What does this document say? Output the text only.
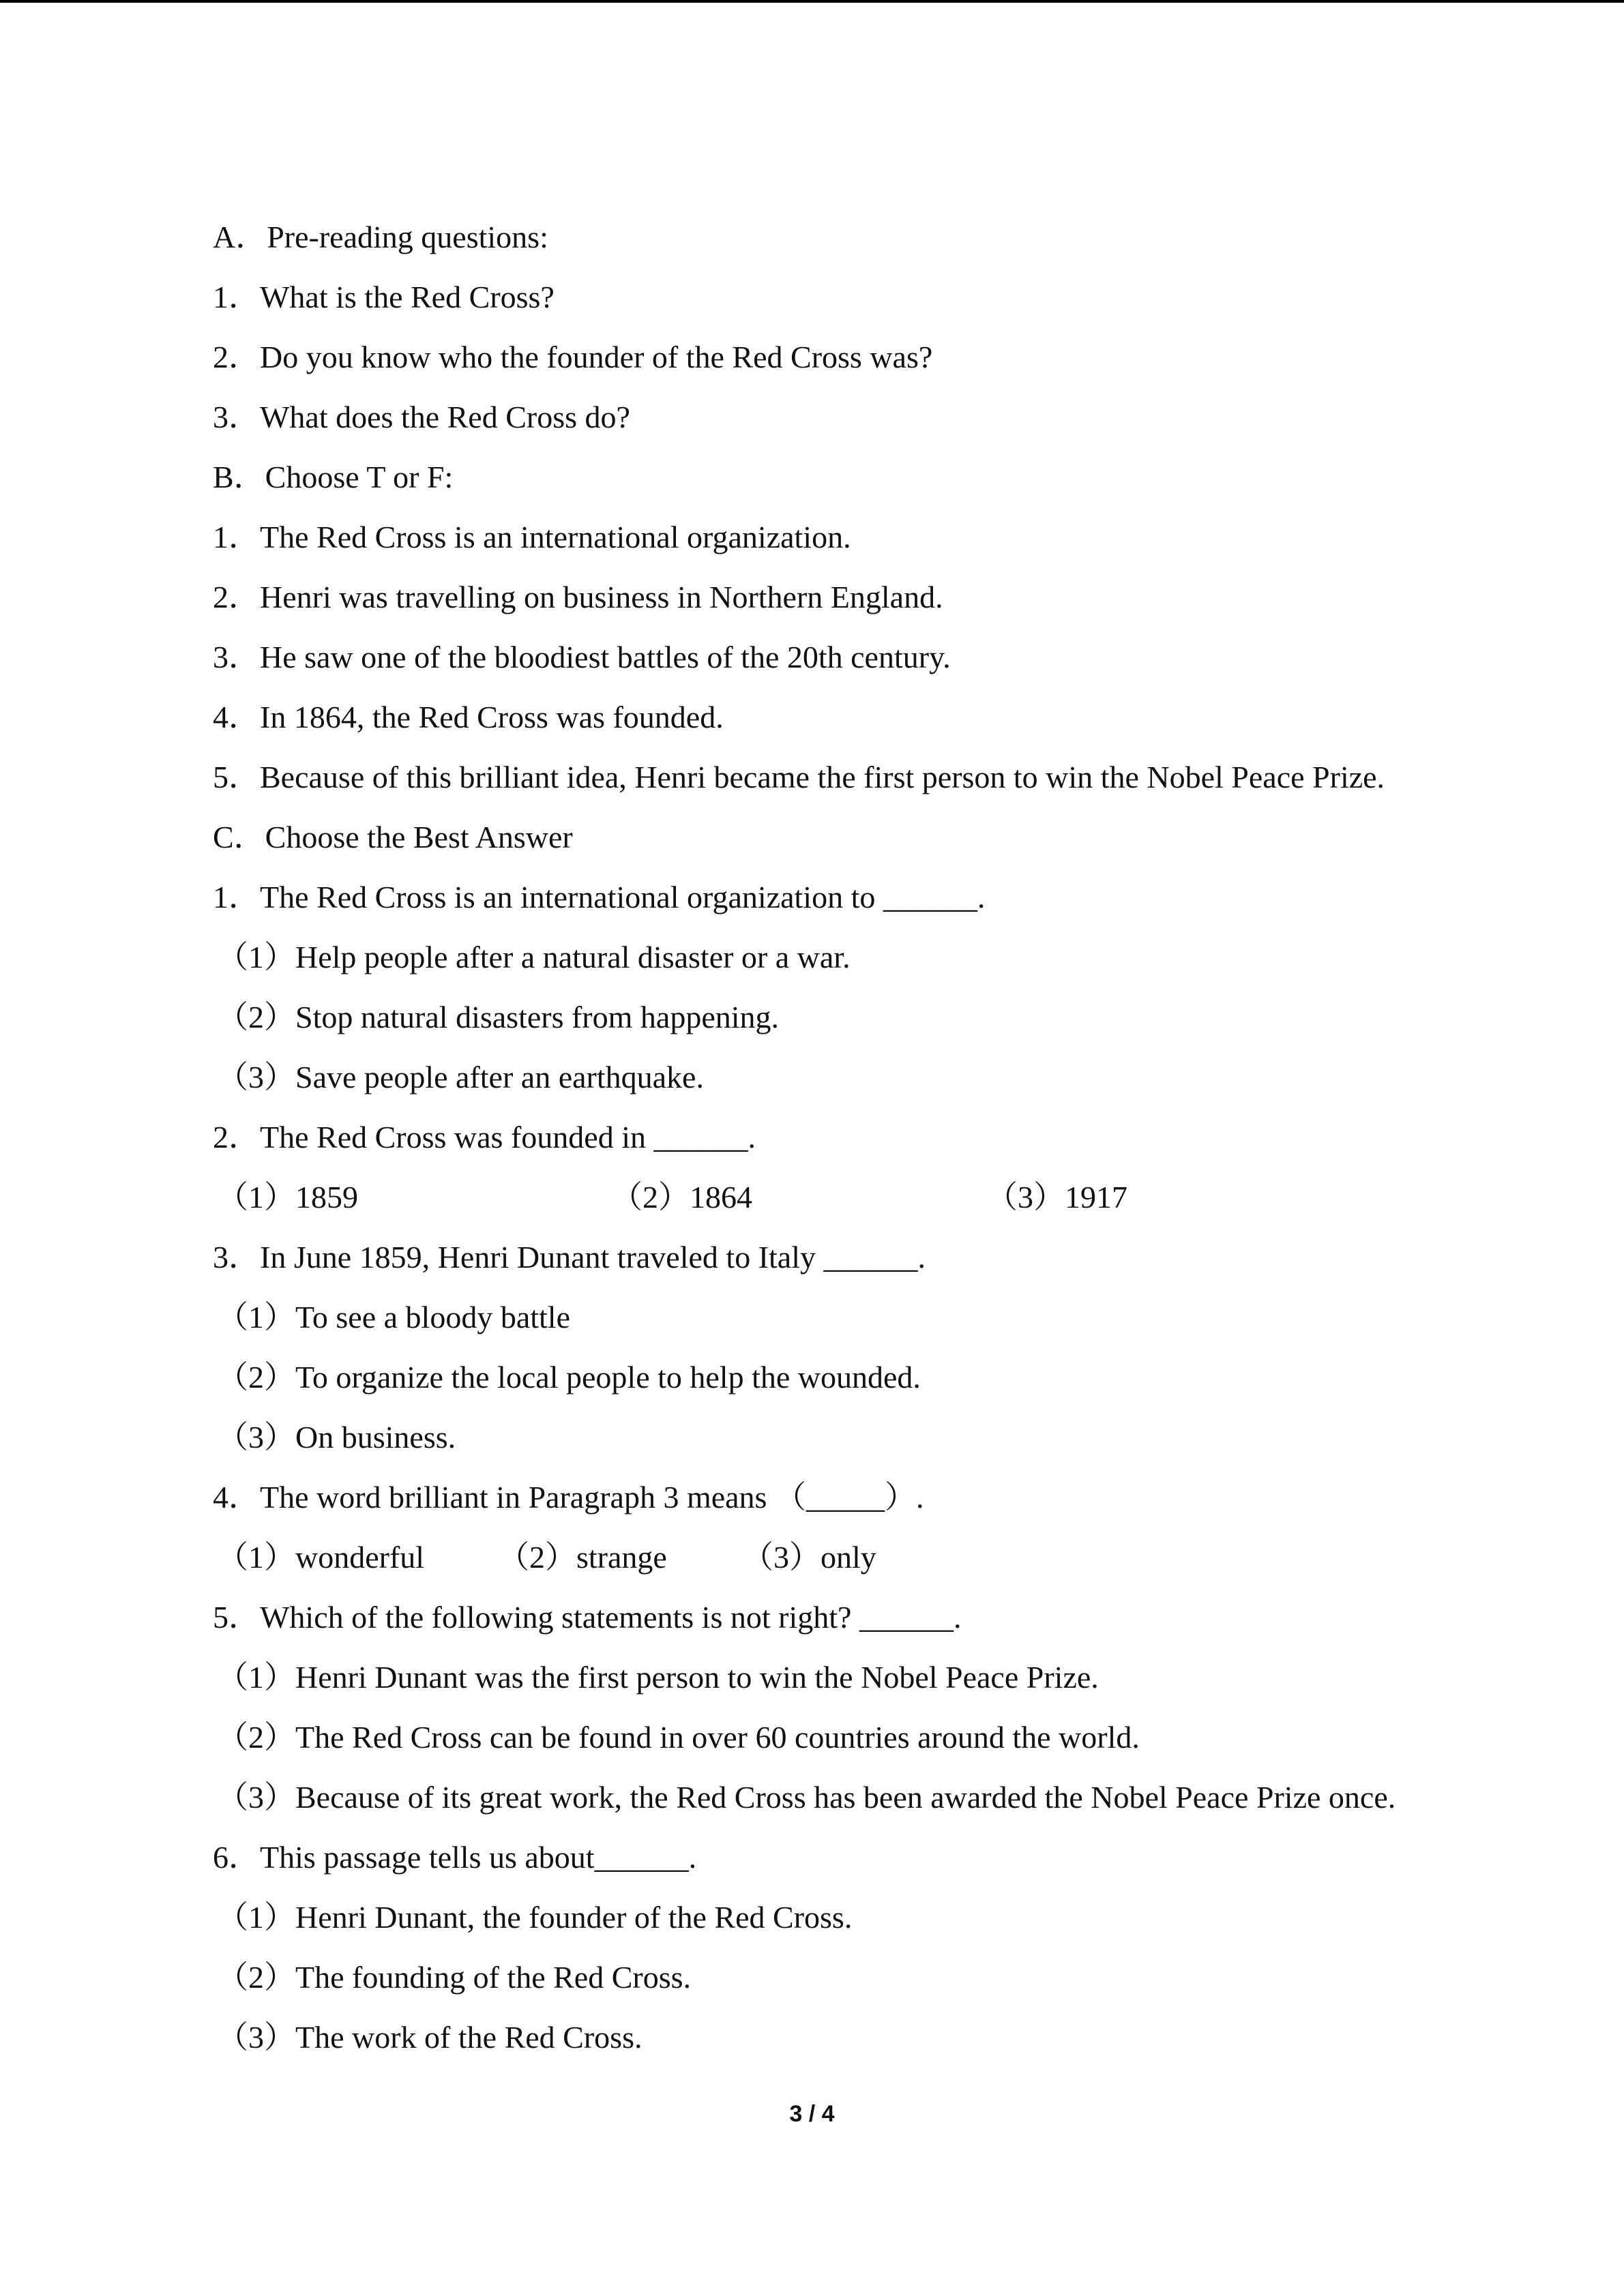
A．Pre-reading questions:
1．What is the Red Cross?
2．Do you know who the founder of the Red Cross was?
3．What does the Red Cross do?
B．Choose T or F:
1．The Red Cross is an international organization.
2．Henri was travelling on business in Northern England.
3．He saw one of the bloodiest battles of the 20th century.
4．In 1864, the Red Cross was founded.
5．Because of this brilliant idea, Henri became the first person to win the Nobel Peace Prize.
C．Choose the Best Answer
1．The Red Cross is an international organization to ______.
（1）Help people after a natural disaster or a war.
（2）Stop natural disasters from happening.
（3）Save people after an earthquake.
2．The Red Cross was founded in ______.
（1）1859	（2）1864	（3）1917
3．In June 1859, Henri Dunant traveled to Italy ______.
（1）To see a bloody battle
（2）To organize the local people to help the wounded.
（3）On business.
4．The word brilliant in Paragraph 3 means （_____）.
（1）wonderful （2）strange （3）only
5．Which of the following statements is not right? ______.
（1）Henri Dunant was the first person to win the Nobel Peace Prize.
（2）The Red Cross can be found in over 60 countries around the world.
（3）Because of its great work, the Red Cross has been awarded the Nobel Peace Prize once.
6．This passage tells us about______.
（1）Henri Dunant, the founder of the Red Cross.
（2）The founding of the Red Cross.
（3）The work of the Red Cross.
3 / 4
